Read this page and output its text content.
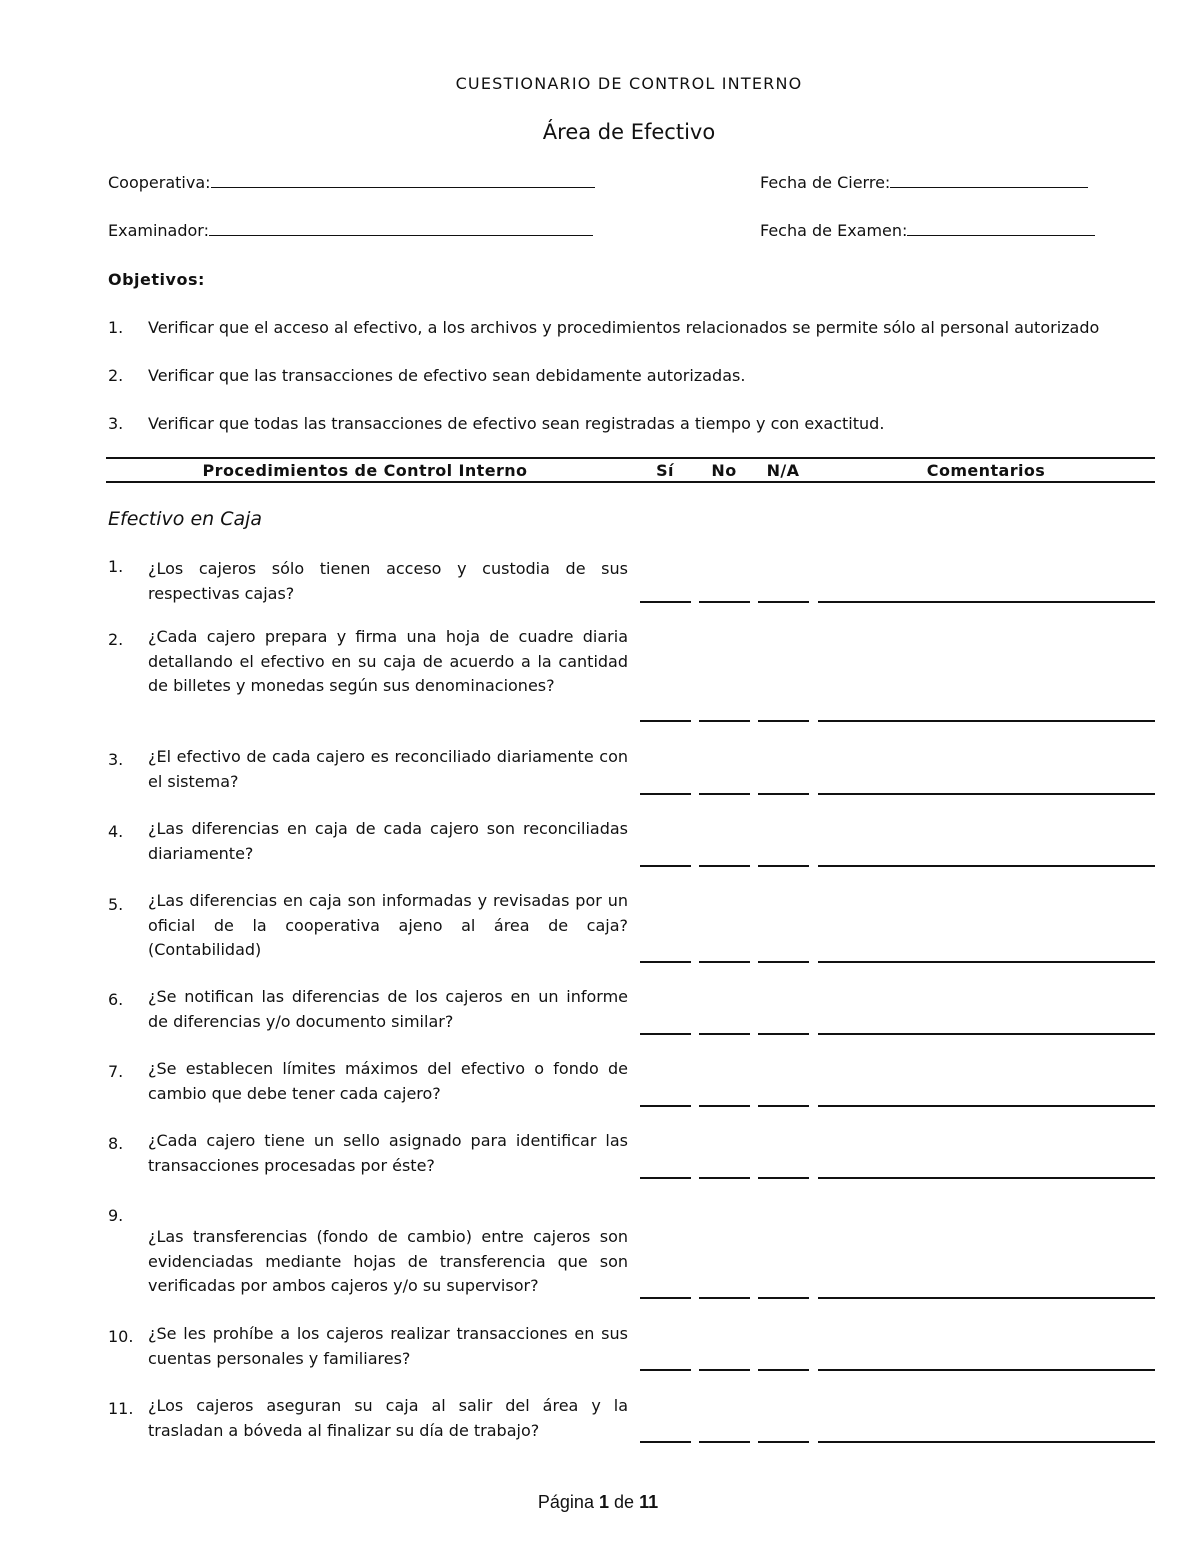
CUESTIONARIO DE CONTROL INTERNO
Área de Efectivo
Cooperativa:	Fecha de Cierre:
Examinador:	Fecha de Examen:
Objetivos:
1. Verificar que el acceso al efectivo, a los archivos y procedimientos relacionados se permite sólo al personal autorizado
2. Verificar que las transacciones de efectivo sean debidamente autorizadas.
3. Verificar que todas las transacciones de efectivo sean registradas a tiempo y con exactitud.
Procedimientos de Control Interno	Sí	No	N/A	Comentarios
Efectivo en Caja
1. ¿Los cajeros sólo tienen acceso y custodia de sus respectivas cajas?
2. ¿Cada cajero prepara y firma una hoja de cuadre diaria detallando el efectivo en su caja de acuerdo a la cantidad de billetes y monedas según sus denominaciones?
3. ¿El efectivo de cada cajero es reconciliado diariamente con el sistema?
4. ¿Las diferencias en caja de cada cajero son reconciliadas diariamente?
5. ¿Las diferencias en caja son informadas y revisadas por un oficial de la cooperativa ajeno al área de caja? (Contabilidad)
6. ¿Se notifican las diferencias de los cajeros en un informe de diferencias y/o documento similar?
7. ¿Se establecen límites máximos del efectivo o fondo de cambio que debe tener cada cajero?
8. ¿Cada cajero tiene un sello asignado para identificar las transacciones procesadas por éste?
9.
¿Las transferencias (fondo de cambio) entre cajeros son evidenciadas mediante hojas de transferencia que son verificadas por ambos cajeros y/o su supervisor?
10. ¿Se les prohíbe a los cajeros realizar transacciones en sus cuentas personales y familiares?
11. ¿Los cajeros aseguran su caja al salir del área y la trasladan a bóveda al finalizar su día de trabajo?
Página 1 de 11
